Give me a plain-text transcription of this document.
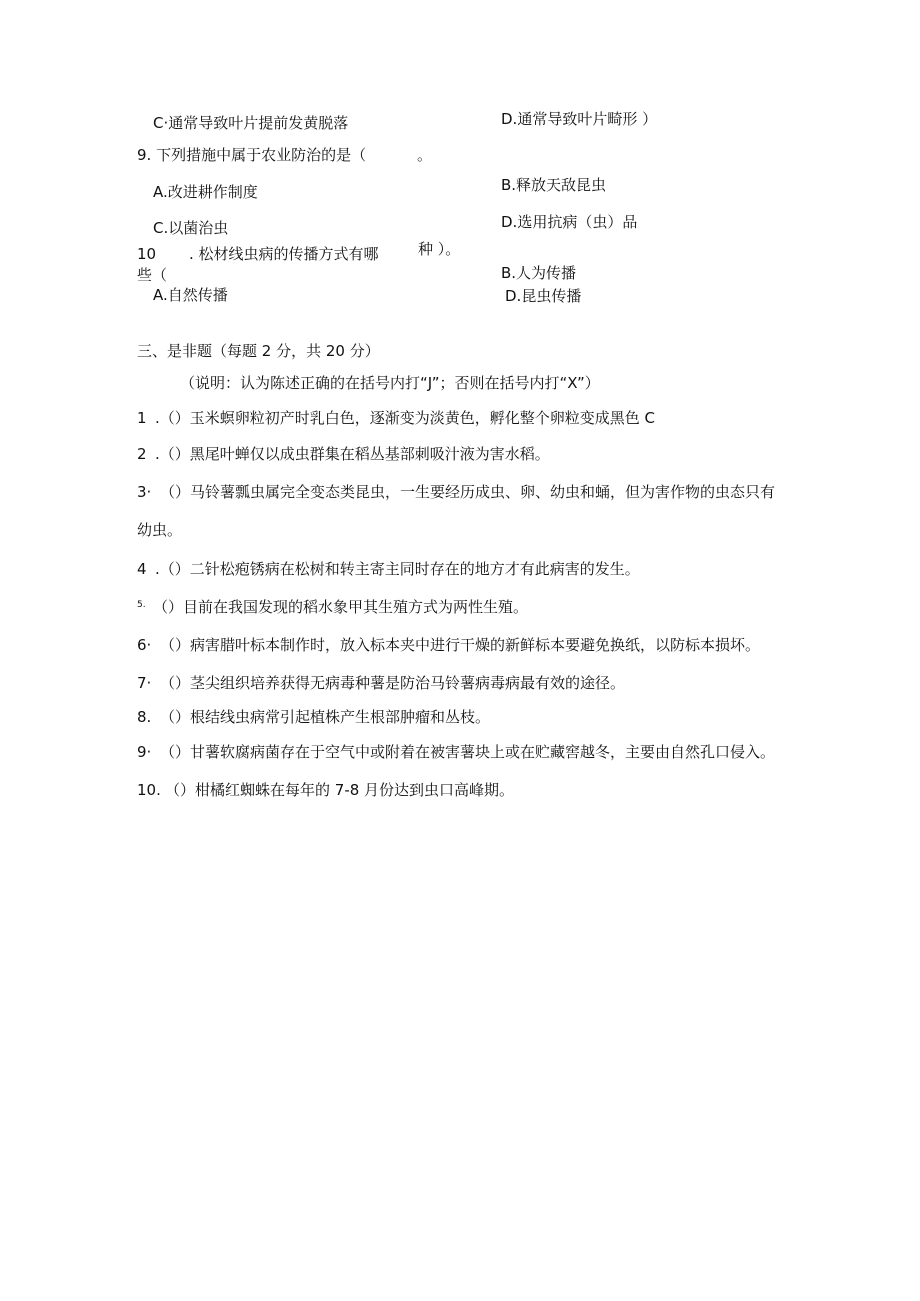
C·通常导致叶片提前发黄脱落	D.通常导致叶片畸形 ）
9. 下列措施中属于农业防治的是（	。
A.改进耕作制度	B.释放天敌昆虫
C.以菌治虫	D.选用抗病（虫）品
种 ）。
10 . 松材线虫病的传播方式有哪
些（	B.人为传播
A.自然传播	D.昆虫传播
三、是非题（每题 2 分，共 20 分）
（说明：认为陈述正确的在括号内打“J”；否则在括号内打“X”）
1 .（）玉米螟卵粒初产时乳白色，逐渐变为淡黄色，孵化整个卵粒变成黑色 C
2 .（）黑尾叶蝉仅以成虫群集在稻丛基部刺吸汁液为害水稻。
3· （）马铃薯瓢虫属完全变态类昆虫，一生要经历成虫、卵、幼虫和蛹，但为害作物的虫态只有
幼虫。
4 .（）二针松疱锈病在松树和转主寄主同时存在的地方才有此病害的发生。
5. （）目前在我国发现的稻水象甲其生殖方式为两性生殖。
6· （）病害腊叶标本制作时，放入标本夹中进行干燥的新鲜标本要避免换纸，以防标本损坏。
7· （）茎尖组织培养获得无病毒种薯是防治马铃薯病毒病最有效的途径。
8. （）根结线虫病常引起植株产生根部肿瘤和丛枝。
9· （）甘薯软腐病菌存在于空气中或附着在被害薯块上或在贮藏窖越冬，主要由自然孔口侵入。
10. （）柑橘红蜘蛛在每年的 7-8 月份达到虫口高峰期。
